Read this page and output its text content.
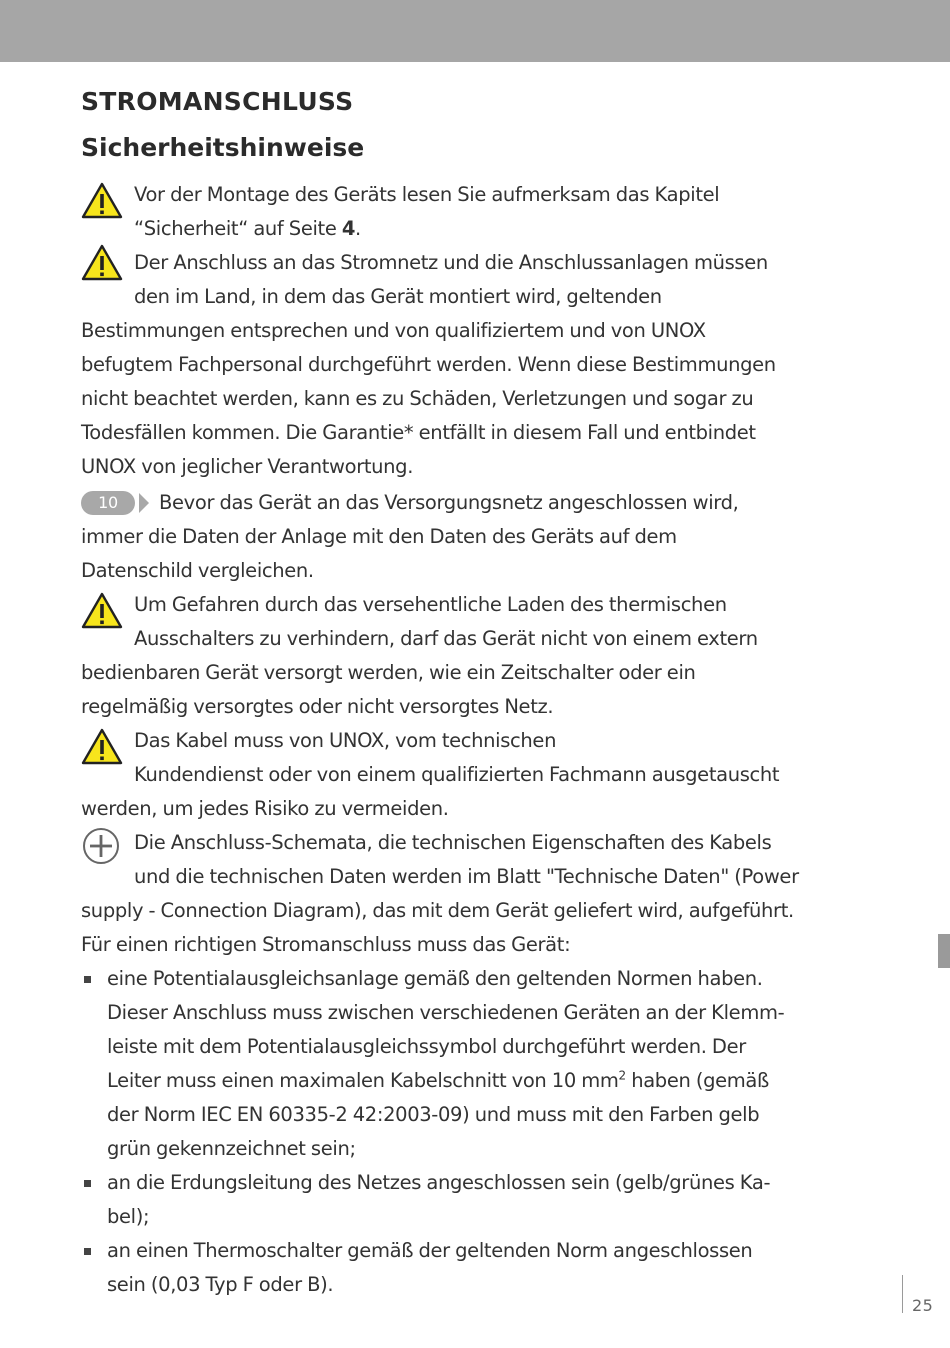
25
STROMANSCHLUSS
Sicherheitshinweise
Vor der Montage des Geräts lesen Sie aufmerksam das Kapitel
“Sicherheit“ auf Seite 4.
Der Anschluss an das Stromnetz und die Anschlussanlagen müssen
den im Land, in dem das Gerät montiert wird, geltenden
Bestimmungen entsprechen und von qualifiziertem und von UNOX
befugtem Fachpersonal durchgeführt werden. Wenn diese Bestimmungen
nicht beachtet werden, kann es zu Schäden, Verletzungen und sogar zu
Todesfällen kommen. Die Garantie* entfällt in diesem Fall und entbindet
UNOX von jeglicher Verantwortung.
10	Bevor das Gerät an das Versorgungsnetz angeschlossen wird,
immer die Daten der Anlage mit den Daten des Geräts auf dem
Datenschild vergleichen.
Um Gefahren durch das versehentliche Laden des thermischen
Ausschalters zu verhindern, darf das Gerät nicht von einem extern
bedienbaren Gerät versorgt werden, wie ein Zeitschalter oder ein
regelmäßig versorgtes oder nicht versorgtes Netz.
Das Kabel muss von UNOX, vom technischen
Kundendienst oder von einem qualifizierten Fachmann ausgetauscht
werden, um jedes Risiko zu vermeiden.
Die Anschluss-Schemata, die technischen Eigenschaften des Kabels
und die technischen Daten werden im Blatt "Technische Daten" (Power
supply - Connection Diagram), das mit dem Gerät geliefert wird, aufgeführt.
Für einen richtigen Stromanschluss muss das Gerät:
eine Potentialausgleichsanlage gemäß den geltenden Normen haben.
Dieser Anschluss muss zwischen verschiedenen Geräten an der Klemm-
leiste mit dem Potentialausgleichssymbol durchgeführt werden. Der
Leiter muss einen maximalen Kabelschnitt von 10 $mm^2$ haben (gemäß
der Norm IEC EN 60335-2 42:2003-09) und muss mit den Farben gelb
grün gekennzeichnet sein;
an die Erdungsleitung des Netzes angeschlossen sein (gelb/grünes Ka-
bel);
an einen Thermoschalter gemäß der geltenden Norm angeschlossen
sein (0,03 Typ F oder B).
